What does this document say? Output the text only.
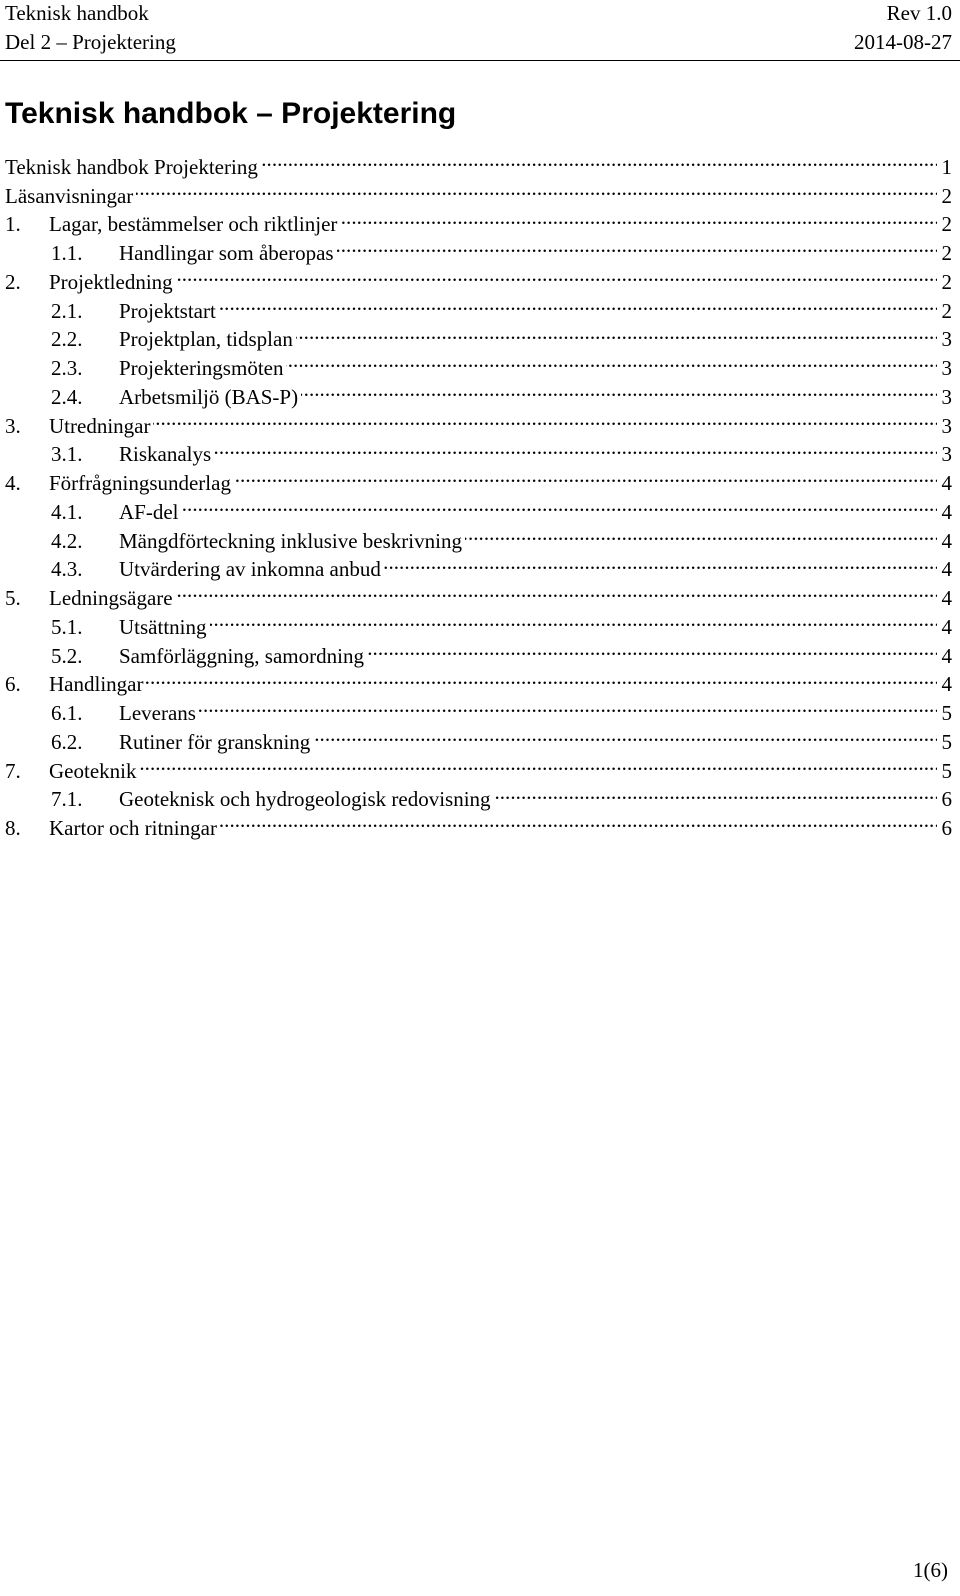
Teknisk handbok	Rev 1.0
Del 2 – Projektering	2014-08-27
Teknisk handbok – Projektering
Teknisk handbok Projektering . . .	1
Läsanvisningar . . .	2
1.	Lagar, bestämmelser och riktlinjer . . .	2
1.1.	Handlingar som åberopas . . .	2
2.	Projektledning . . .	2
2.1.	Projektstart . . .	2
2.2.	Projektplan, tidsplan . . .	3
2.3.	Projekteringsmöten . . .	3
2.4.	Arbetsmiljö (BAS-P) . . .	3
3.	Utredningar . . .	3
3.1.	Riskanalys . . .	3
4.	Förfrågningsunderlag . . .	4
4.1.	AF-del . . .	4
4.2.	Mängdförteckning inklusive beskrivning . . .	4
4.3.	Utvärdering av inkomna anbud . . .	4
5.	Ledningsägare . . .	4
5.1.	Utsättning . . .	4
5.2.	Samförläggning, samordning . . .	4
6.	Handlingar . . .	4
6.1.	Leverans . . .	5
6.2.	Rutiner för granskning . . .	5
7.	Geoteknik . . .	5
7.1.	Geoteknisk och hydrogeologisk redovisning . . .	6
8.	Kartor och ritningar . . .	6
1(6)
